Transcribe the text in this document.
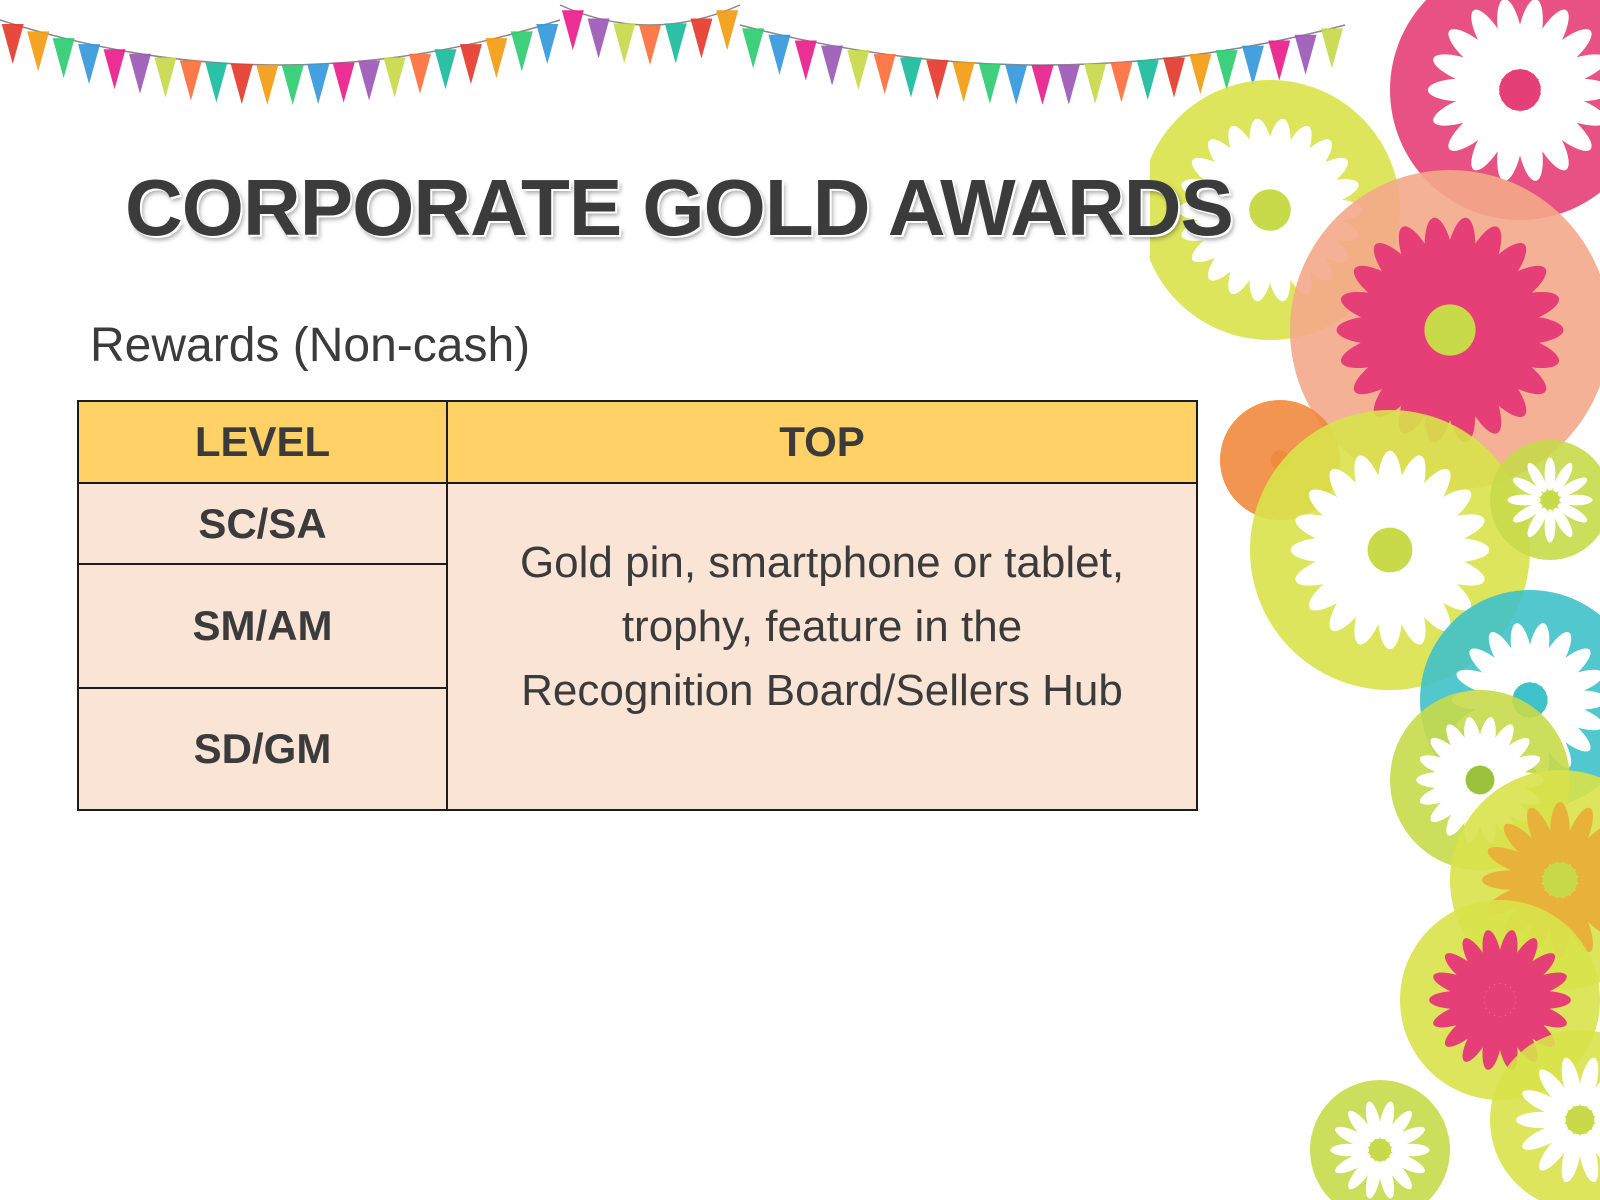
CORPORATE GOLD AWARDS

Rewards (Non-cash)

LEVEL	TOP
SC/SA	Gold pin, smartphone or tablet,
trophy, feature in the
Recognition Board/Sellers Hub

SM/AM	
SD/GM	
